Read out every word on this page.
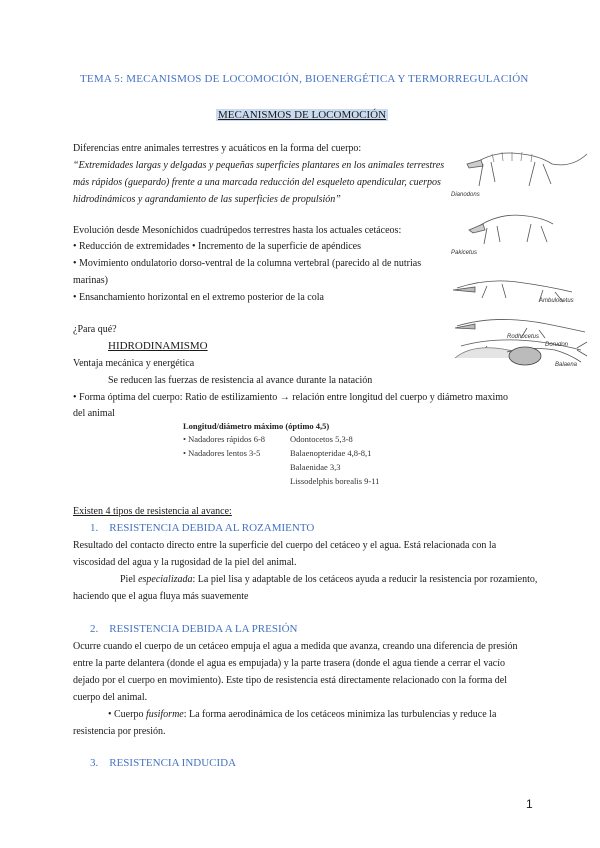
TEMA 5: MECANISMOS DE LOCOMOCIÓN, BIOENERGÉTICA Y TERMORREGULACIÓN
MECANISMOS DE LOCOMOCIÓN
Diferencias entre animales terrestres y acuáticos en la forma del cuerpo:
“Extremidades largas y delgadas y pequeñas superficies plantares en los animales terrestres
más rápidos (guepardo) frente a una marcada reducción del esqueleto apendicular, cuerpos
hidrodinámicos y agrandamiento de las superficies de propulsión”
Evolución desde Mesoníchidos cuadrúpedos terrestres hasta los actuales cetáceos:
• Reducción de extremidades • Incremento de la superficie de apéndices
• Movimiento ondulatorio dorso-ventral de la columna vertebral (parecido al de nutrias
marinas)
• Ensanchamiento horizontal en el extremo posterior de la cola
Dianodons
Pakicetus
Ambulocetus
Rodhocetus
Dorudon
Balaena
¿Para qué?
HIDRODINAMISMO
Ventaja mecánica y energética
Se reducen las fuerzas de resistencia al avance durante la natación
• Forma óptima del cuerpo: Ratio de estilizamiento → relación entre longitud del cuerpo y diámetro maximo
del animal
Longitud/diámetro máximo (óptimo 4,5)
• Nadadores rápidos 6-8
• Nadadores lentos 3-5
Odontocetos 5,3-8
Balaenopteridae 4,8-8,1
Balaenidae 3,3
Lissodelphis borealis 9-11
Existen 4 tipos de resistencia al avance:
1. RESISTENCIA DEBIDA AL ROZAMIENTO
Resultado del contacto directo entre la superficie del cuerpo del cetáceo y el agua. Está relacionada con la
viscosidad del agua y la rugosidad de la piel del animal.
Piel especializada: La piel lisa y adaptable de los cetáceos ayuda a reducir la resistencia por rozamiento,
haciendo que el agua fluya más suavemente
2. RESISTENCIA DEBIDA A LA PRESIÓN
Ocurre cuando el cuerpo de un cetáceo empuja el agua a medida que avanza, creando una diferencia de presión
entre la parte delantera (donde el agua es empujada) y la parte trasera (donde el agua tiende a cerrar el vacío
dejado por el cuerpo en movimiento). Este tipo de resistencia está directamente relacionado con la forma del
cuerpo del animal.
• Cuerpo fusiforme: La forma aerodinámica de los cetáceos minimiza las turbulencias y reduce la
resistencia por presión.
3. RESISTENCIA INDUCIDA
1
